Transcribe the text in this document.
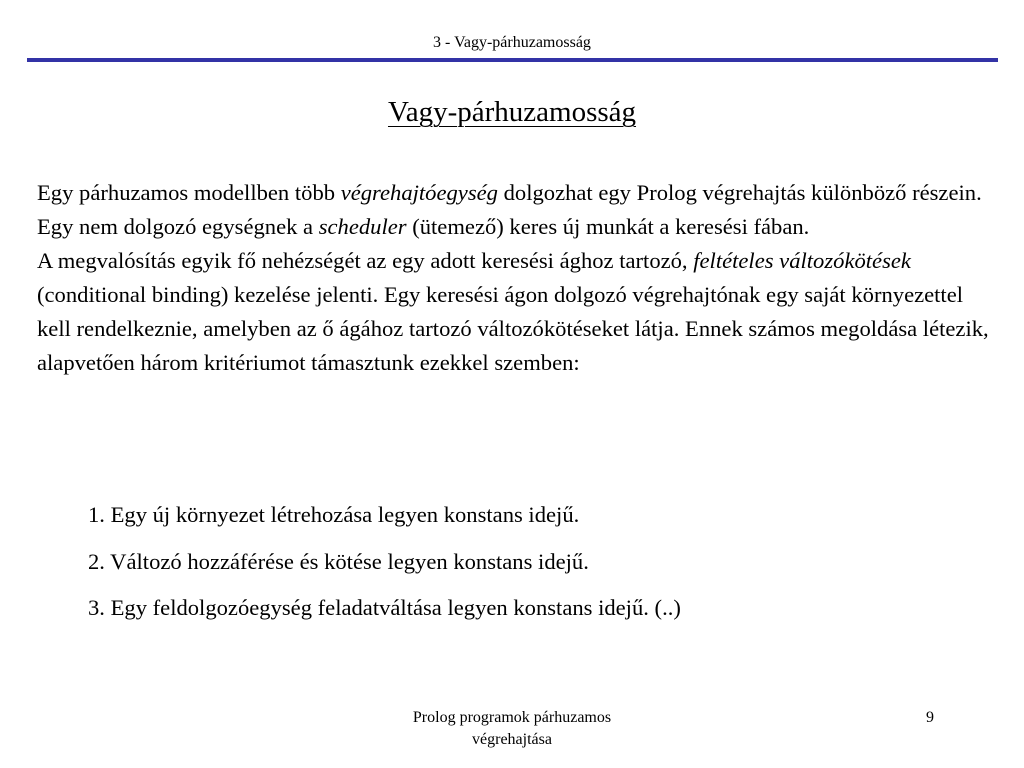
3 - Vagy-párhuzamosság
Vagy-párhuzamosság

Egy párhuzamos modellben több végrehajtóegység dolgozhat egy Prolog végrehajtás különböző részein. Egy nem dolgozó egységnek a scheduler (ütemező) keres új munkát a keresési fában.

A megvalósítás egyik fő nehézségét az egy adott keresési ághoz tartozó, feltételes változókötések (conditional binding) kezelése jelenti. Egy keresési ágon dolgozó végrehajtónak egy saját környezettel kell rendelkeznie, amelyben az ő ágához tartozó változókötéseket látja. Ennek számos megoldása létezik, alapvetően három kritériumot támasztunk ezekkel szemben:

1. Egy új környezet létrehozása legyen konstans idejű.
2. Változó hozzáférése és kötése legyen konstans idejű.
3. Egy feldolgozóegység feladatváltása legyen konstans idejű. (..)
Prolog programok párhuzamos
végrehajtása
9
